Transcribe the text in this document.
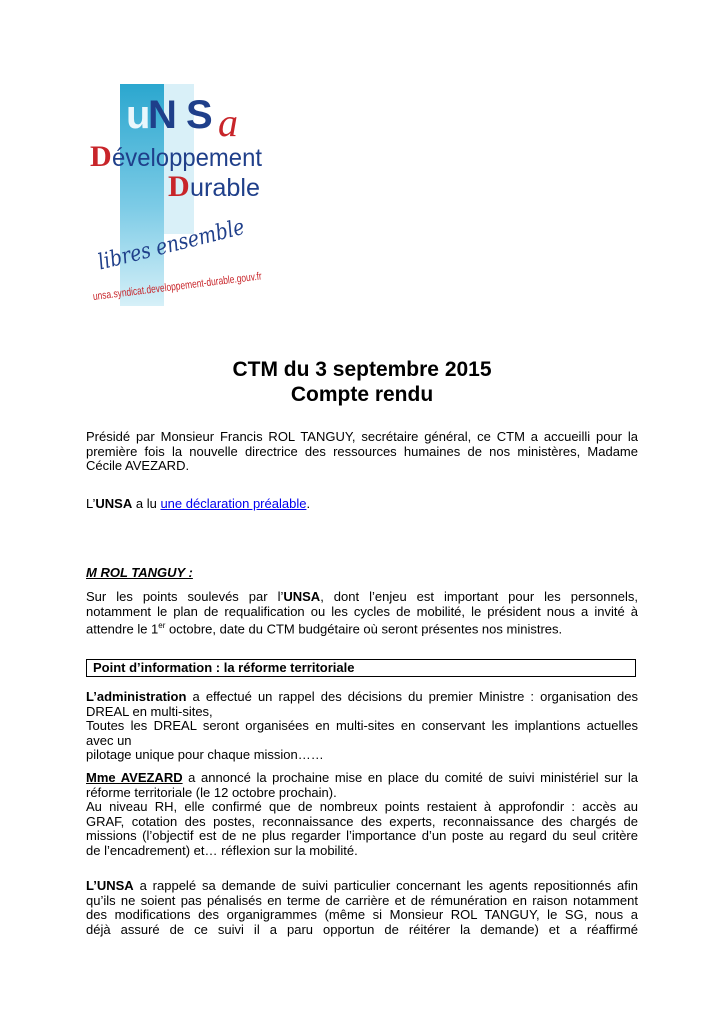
u
N S a
D éveloppement
D urable
libres ensemble
unsa.syndicat.developpement-durable.gouv.fr
CTM du 3 septembre 2015
Compte rendu
Présidé par Monsieur Francis ROL TANGUY, secrétaire général, ce CTM a accueilli pour la
première fois la nouvelle directrice des ressources humaines de nos ministères, Madame
Cécile AVEZARD.
L’UNSA a lu une déclaration préalable.
M ROL TANGUY :
Sur les points soulevés par l’UNSA, dont l’enjeu est important pour les personnels,
notamment le plan de requalification ou les cycles de mobilité, le président nous a invité à
attendre le 1er octobre, date du CTM budgétaire où seront présentes nos ministres.
Point d’information : la réforme territoriale
L’administration a effectué un rappel des décisions du premier Ministre : organisation des
DREAL en multi-sites,
Toutes les DREAL seront organisées en multi-sites en conservant les implantions actuelles
avec un
pilotage unique pour chaque mission……
Mme AVEZARD a annoncé la prochaine mise en place du comité de suivi ministériel sur la
réforme territoriale (le 12 octobre prochain).
Au niveau RH, elle confirmé que de nombreux points restaient à approfondir : accès au
GRAF, cotation des postes, reconnaissance des experts, reconnaissance des chargés de
missions (l’objectif est de ne plus regarder l’importance d’un poste au regard du seul critère
de l’encadrement) et… réflexion sur la mobilité.
L’UNSA a rappelé sa demande de suivi particulier concernant les agents repositionnés afin
qu’ils ne soient pas pénalisés en terme de carrière et de rémunération en raison notamment
des modifications des organigrammes (même si Monsieur ROL TANGUY, le SG, nous a
déjà assuré de ce suivi il a paru opportun de réitérer la demande) et a réaffirmé
